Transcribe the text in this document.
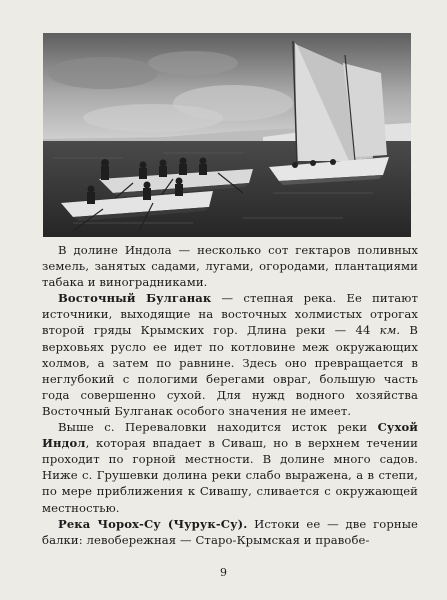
В долине Индола — несколько сот гектаров поливных земель, занятых садами, лугами, огородами, плантациями табака и виноградниками.

Восточный Булганак — степная река. Ее питают источники, выходящие на восточных холмистых отрогах второй гряды Крымских гор. Длина реки — 44 км. В верховьях русло ее идет по котловине меж окружающих холмов, а затем по равнине. Здесь оно превращается в неглубокий с пологими берегами овраг, большую часть года совершенно сухой. Для нужд водного хозяйства Восточный Булганак особого значения не имеет.

Выше с. Переваловки находится исток реки Сухой Индол, которая впадает в Сиваш, но в верхнем течении проходит по горной местности. В долине много садов. Ниже с. Грушевки долина реки слабо выражена, а в степи, по мере приближения к Сивашу, сливается с окружающей местностью.

Река Чорох-Су (Чурук-Су). Истоки ее — две горные балки: левобережная — Старо-Крымская и правобе-

9
